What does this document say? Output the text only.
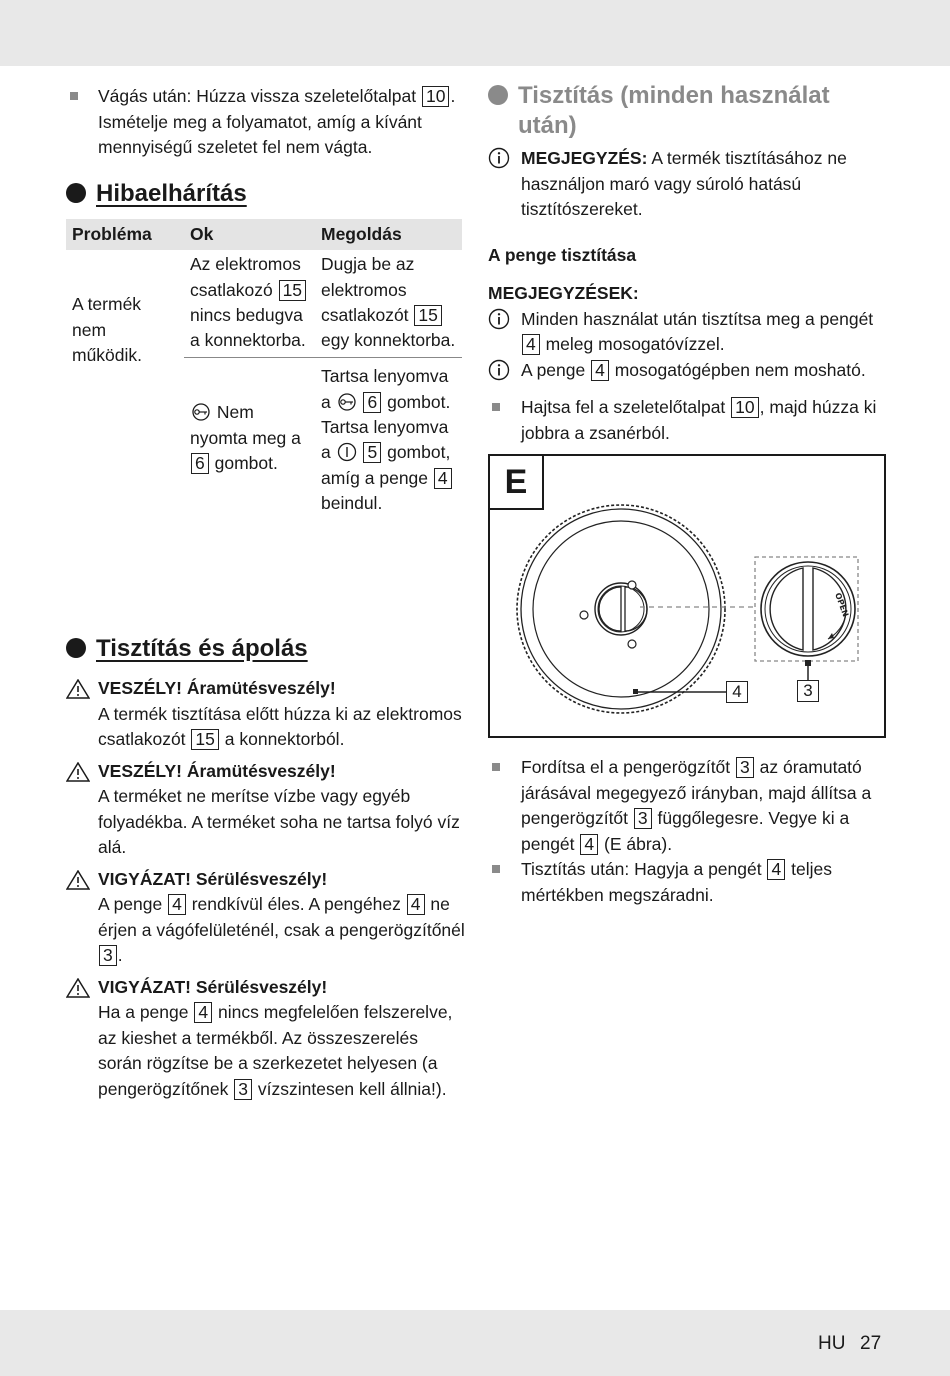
Vágás után: Húzza vissza szeletelőtalpat 10 . Ismételje meg a folyamatot, amíg a kívánt mennyiségű szeletet fel nem vágta.
Hibaelhárítás
Probléma	Ok	Megoldás
A termék nem működik.	Az elektromos csatlakozó 15 nincs bedugva a konnektorba.	Dugja be az elektromos csatlakozót 15 egy konnektorba.
	Nem nyomta meg a 6 gombot.	Tartsa lenyomva a 6 gombot. Tartsa lenyomva a 5 gombot, amíg a penge 4 beindul.
Tisztítás és ápolás
VESZÉLY! Áramütésveszély!
A termék tisztítása előtt húzza ki az elektromos csatlakozót 15 a konnektorból.
VESZÉLY! Áramütésveszély!
A terméket ne merítse vízbe vagy egyéb folyadékba. A terméket soha ne tartsa folyó víz alá.
VIGYÁZAT! Sérülésveszély!
A penge 4 rendkívül éles. A pengéhez 4 ne érjen a vágófelületénél, csak a pengerögzítőnél 3 .
VIGYÁZAT! Sérülésveszély!
Ha a penge 4 nincs megfelelően felszerelve, az kieshet a termékből. Az összeszerelés során rögzítse be a szerkezetet helyesen (a pengerögzítőnek 3 vízszintesen kell állnia!).
Tisztítás (minden használat
után)
MEGJEGYZÉS: A termék tisztításához ne használjon maró vagy súroló hatású tisztítószereket.
A penge tisztítása
MEGJEGYZÉSEK:
Minden használat után tisztítsa meg a pengét 4 meleg mosogatóvízzel.
A penge 4 mosogatógépben nem mosható.
Hajtsa fel a szeletelőtalpat 10 , majd húzza ki jobbra a zsanérból.
E
OPEN
4	3
Fordítsa el a pengerögzítőt 3 az óramutató járásával megegyező irányban, majd állítsa a pengerögzítőt 3 függőlegesre. Vegye ki a pengét 4 (E ábra).
Tisztítás után: Hagyja a pengét 4 teljes mértékben megszáradni.
HU 27
